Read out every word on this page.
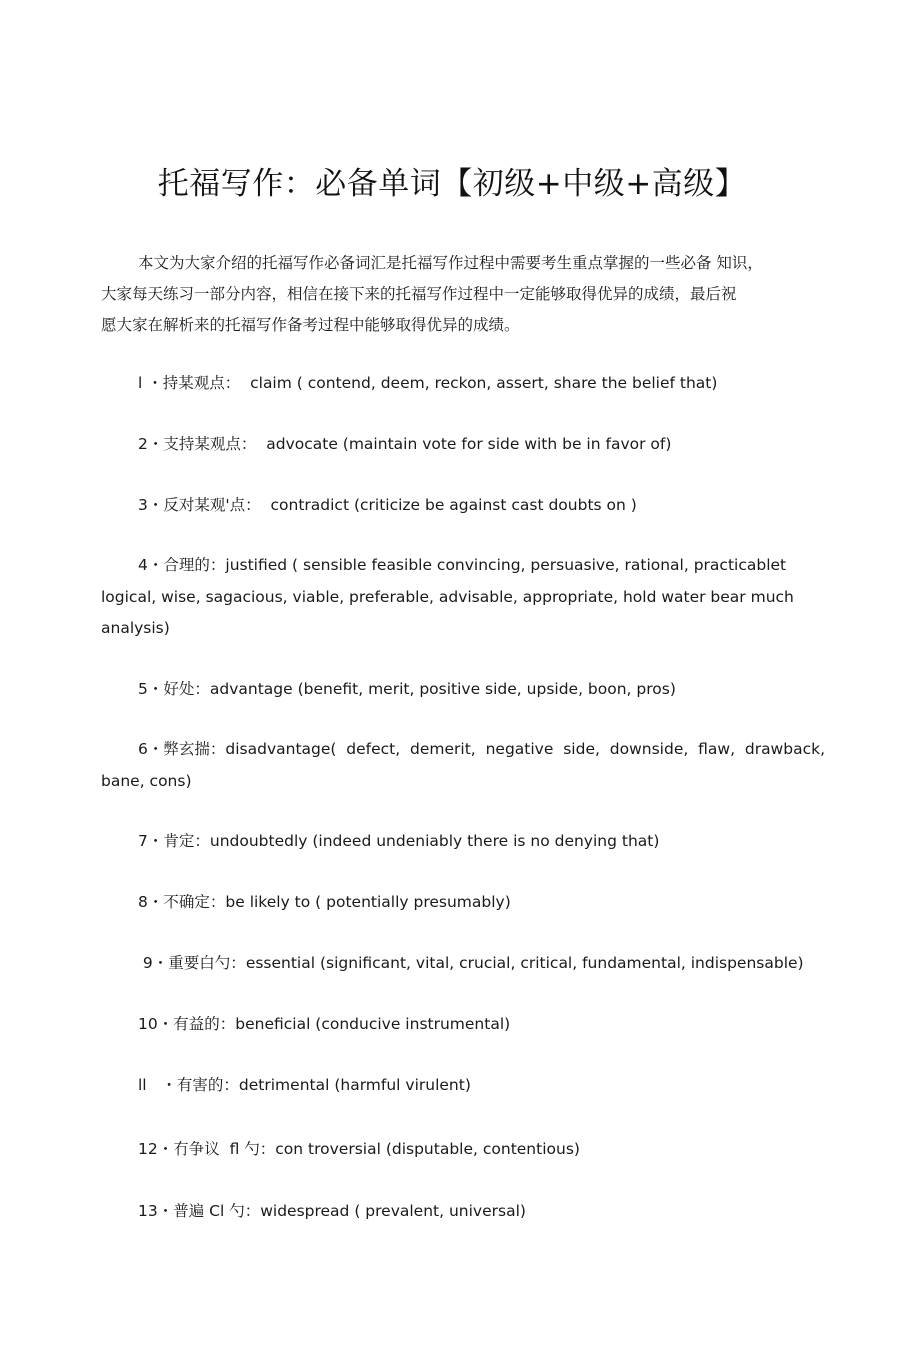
托福写作：必备单词【初级+中级+高级】
本文为大家介绍的托福写作必备词汇是托福写作过程中需要考生重点掌握的一些必备 知识，
大家每天练习一部分内容，相信在接下来的托福写作过程中一定能够取得优异的成绩，最后祝
愿大家在解析来的托福写作备考过程中能够取得优异的成绩。
l ・持某观点：  claim ( contend, deem, reckon, assert, share the belief that)
2・支持某观点：  advocate (maintain vote for side with be in favor of)
3・反对某观'点：  contradict (criticize be against cast doubts on )
4・合理的：justified ( sensible feasible convincing, persuasive, rational, practicablet
logical, wise, sagacious, viable, preferable, advisable, appropriate, hold water bear much
analysis)
5・好处：advantage (benefit, merit, positive side, upside, boon, pros)
6・弊玄揣：disadvantage(  defect,  demerit,  negative  side,  downside,  flaw,  drawback,
bane, cons)
7・肯定：undoubtedly (indeed undeniably there is no denying that)
8・不确定：be likely to ( potentially presumably)
9・重要白勺：essential (significant, vital, crucial, critical, fundamental, indispensable)
10・有益的：beneficial (conducive instrumental)
ll   ・有害的：detrimental (harmful virulent)
12・冇争议  fl 勺：con troversial (disputable, contentious)
13・普遍 Cl 勺：widespread ( prevalent, universal)
